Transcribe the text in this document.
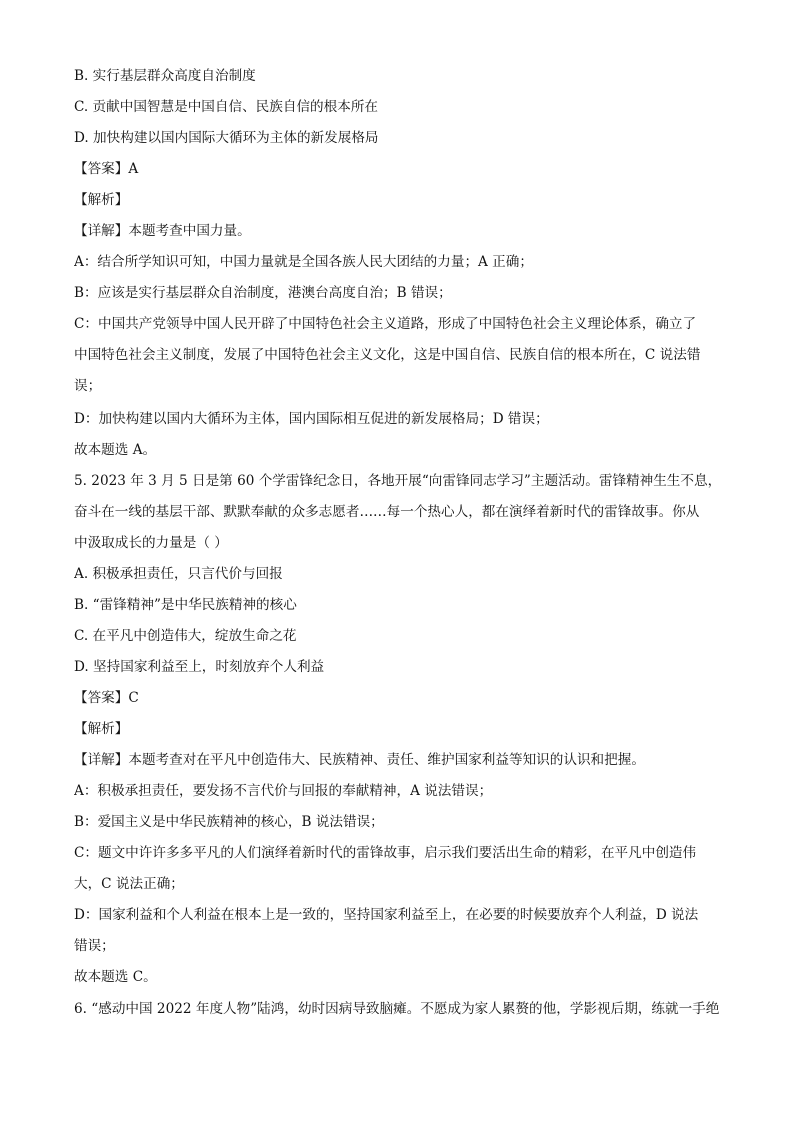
B. 实行基层群众高度自治制度
C. 贡献中国智慧是中国自信、民族自信的根本所在
D. 加快构建以国内国际大循环为主体的新发展格局
【答案】A
【解析】
【详解】本题考查中国力量。
A：结合所学知识可知，中国力量就是全国各族人民大团结的力量；A 正确；
B：应该是实行基层群众自治制度，港澳台高度自治；B 错误；
C：中国共产党领导中国人民开辟了中国特色社会主义道路，形成了中国特色社会主义理论体系，确立了
中国特色社会主义制度，发展了中国特色社会主义文化，这是中国自信、民族自信的根本所在，C 说法错
误；
D：加快构建以国内大循环为主体，国内国际相互促进的新发展格局；D 错误；
故本题选 A。
5. 2023 年 3 月 5 日是第 60 个学雷锋纪念日，各地开展“向雷锋同志学习”主题活动。雷锋精神生生不息，
奋斗在一线的基层干部、默默奉献的众多志愿者……每一个热心人，都在演绎着新时代的雷锋故事。你从
中汲取成长的力量是（ ）
A. 积极承担责任，只言代价与回报
B. “雷锋精神”是中华民族精神的核心
C. 在平凡中创造伟大，绽放生命之花
D. 坚持国家利益至上，时刻放弃个人利益
【答案】C
【解析】
【详解】本题考查对在平凡中创造伟大、民族精神、责任、维护国家利益等知识的认识和把握。
A：积极承担责任，要发扬不言代价与回报的奉献精神，A 说法错误；
B：爱国主义是中华民族精神的核心，B 说法错误；
C：题文中许许多多平凡的人们演绎着新时代的雷锋故事，启示我们要活出生命的精彩，在平凡中创造伟
大，C 说法正确；
D：国家利益和个人利益在根本上是一致的，坚持国家利益至上，在必要的时候要放弃个人利益，D 说法
错误；
故本题选 C。
6. “感动中国 2022 年度人物”陆鸿，幼时因病导致脑瘫。不愿成为家人累赘的他，学影视后期，练就一手绝
